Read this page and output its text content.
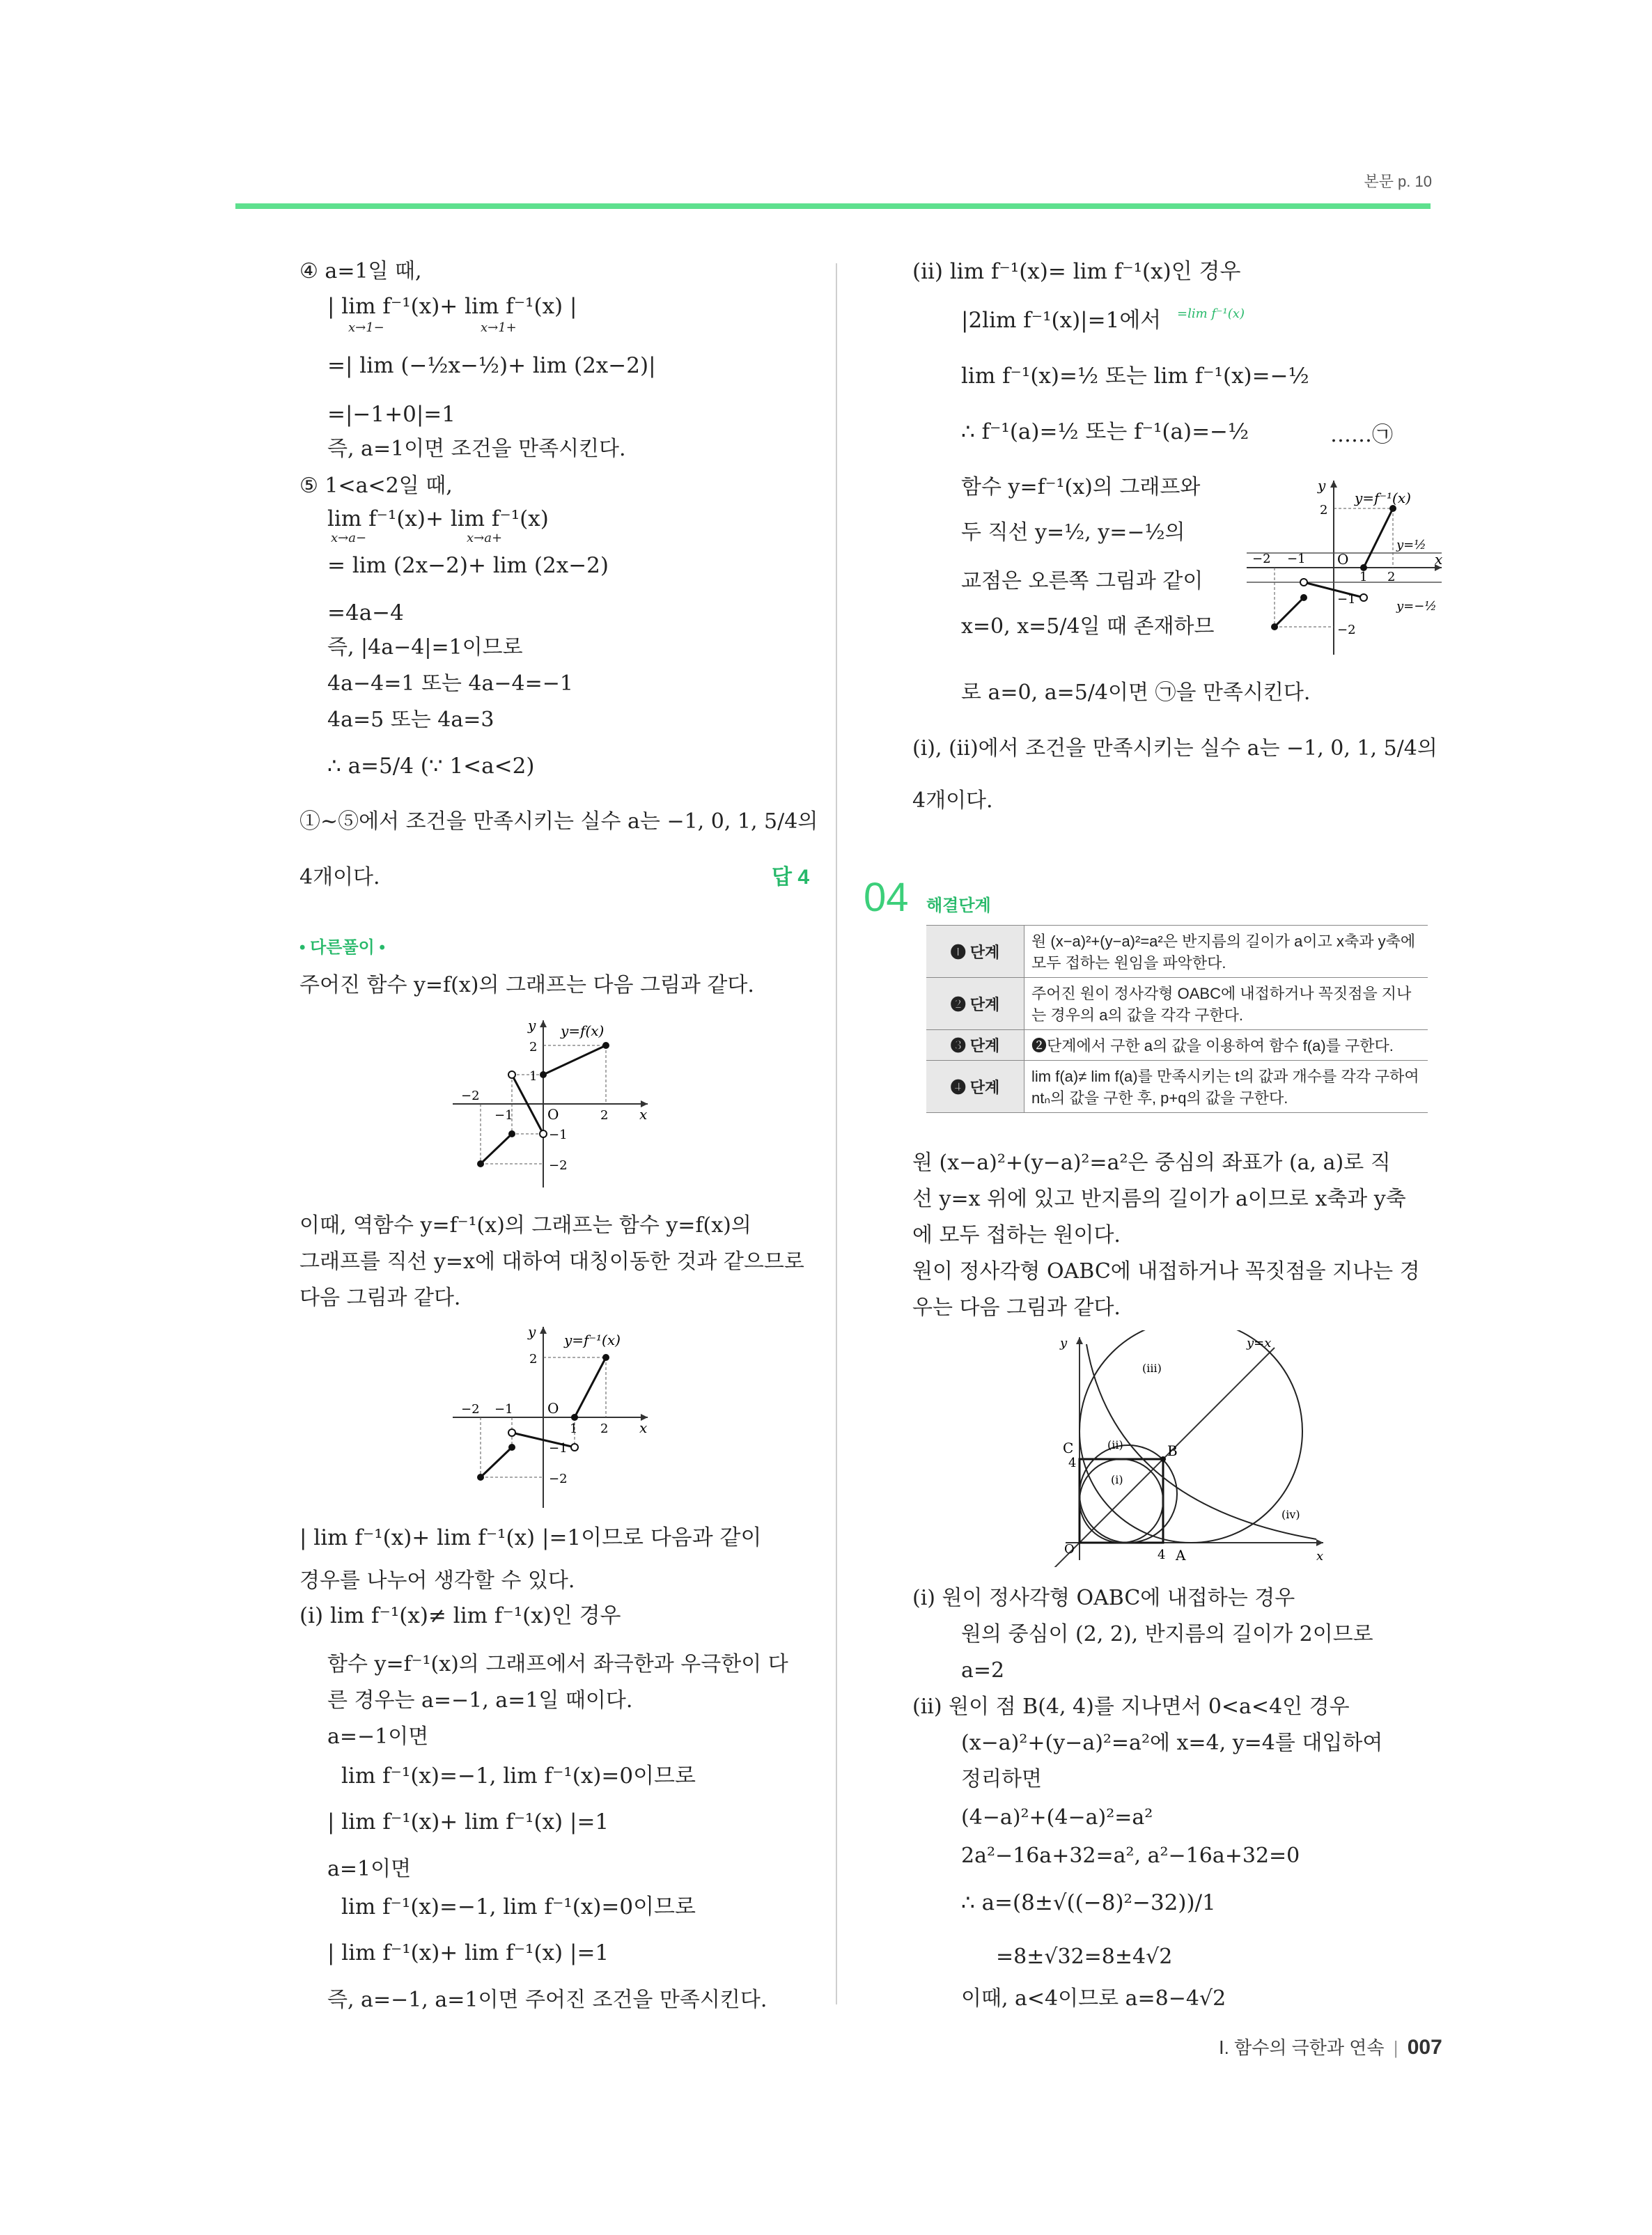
본문 p. 10
④ a=1일 때,
| lim f⁻¹(x)+ lim f⁻¹(x) |
x→1−	x→1+
=| lim (−½x−½)+ lim (2x−2)|
=|−1+0|=1
즉, a=1이면 조건을 만족시킨다.
⑤ 1<a<2일 때,
lim f⁻¹(x)+ lim f⁻¹(x)
x→a−	x→a+
= lim (2x−2)+ lim (2x−2)
=4a−4
즉, |4a−4|=1이므로
4a−4=1 또는 4a−4=−1
4a=5 또는 4a=3
∴ a=5/4 (∵ 1<a<2)
①∼⑤에서 조건을 만족시키는 실수 a는 −1, 0, 1, 5/4의
4개이다.	답 4
• 다른풀이 •
주어진 함수 y=f(x)의 그래프는 다음 그림과 같다.
y y=f(x)
x
O
2
1
−2
−1	2
−1
−2
이때, 역함수 y=f⁻¹(x)의 그래프는 함수 y=f(x)의
그래프를 직선 y=x에 대하여 대칭이동한 것과 같으므로
다음 그림과 같다.
y y=f⁻¹(x)
x
O
2
−2 −1
1 2
−1
−2
| lim f⁻¹(x)+ lim f⁻¹(x) |=1이므로 다음과 같이
경우를 나누어 생각할 수 있다.
(i) lim f⁻¹(x)≠ lim f⁻¹(x)인 경우
함수 y=f⁻¹(x)의 그래프에서 좌극한과 우극한이 다
른 경우는 a=−1, a=1일 때이다.
a=−1이면
lim f⁻¹(x)=−1, lim f⁻¹(x)=0이므로
| lim f⁻¹(x)+ lim f⁻¹(x) |=1
a=1이면
lim f⁻¹(x)=−1, lim f⁻¹(x)=0이므로
| lim f⁻¹(x)+ lim f⁻¹(x) |=1
즉, a=−1, a=1이면 주어진 조건을 만족시킨다.
(ii) lim f⁻¹(x)= lim f⁻¹(x)인 경우
|2lim f⁻¹(x)|=1에서 =lim f⁻¹(x)
lim f⁻¹(x)=½ 또는 lim f⁻¹(x)=−½
∴ f⁻¹(a)=½ 또는 f⁻¹(a)=−½	……㉠
함수 y=f⁻¹(x)의 그래프와
두 직선 y=½, y=−½의
교점은 오른쪽 그림과 같이
x=0, x=5/4일 때 존재하므
로 a=0, a=5/4이면 ㉠을 만족시킨다.
y
y=f⁻¹(x)
x
O
y=½
y=−½
2
−2 −1
1 2
−1
−2
(i), (ii)에서 조건을 만족시키는 실수 a는 −1, 0, 1, 5/4의
4개이다.
04 해결단계
❶ 단계	원 (x−a)²+(y−a)²=a²은 반지름의 길이가 a이고 x축과 y축에 모두 접하는 원임을 파악한다.
❷ 단계	주어진 원이 정사각형 OABC에 내접하거나 꼭짓점을 지나는 경우의 a의 값을 각각 구한다.
❸ 단계	❷단계에서 구한 a의 값을 이용하여 함수 f(a)를 구한다.
❹ 단계	lim f(a)≠ lim f(a)를 만족시키는 t의 값과 개수를 각각 구하여 ntₙ의 값을 구한 후, p+q의 값을 구한다.
원 (x−a)²+(y−a)²=a²은 중심의 좌표가 (a, a)로 직
선 y=x 위에 있고 반지름의 길이가 a이므로 x축과 y축
에 모두 접하는 원이다.
원이 정사각형 OABC에 내접하거나 꼭짓점을 지나는 경
우는 다음 그림과 같다.
y
x
y=x
O	A
B
C
4
4
(iii)
(ii)
(i)
(iv)
(i) 원이 정사각형 OABC에 내접하는 경우
원의 중심이 (2, 2), 반지름의 길이가 2이므로
a=2
(ii) 원이 점 B(4, 4)를 지나면서 0<a<4인 경우
(x−a)²+(y−a)²=a²에 x=4, y=4를 대입하여
정리하면
(4−a)²+(4−a)²=a²
2a²−16a+32=a², a²−16a+32=0
∴ a=(8±√((−8)²−32))/1
=8±√32=8±4√2
이때, a<4이므로 a=8−4√2
Ⅰ. 함수의 극한과 연속 | 007
